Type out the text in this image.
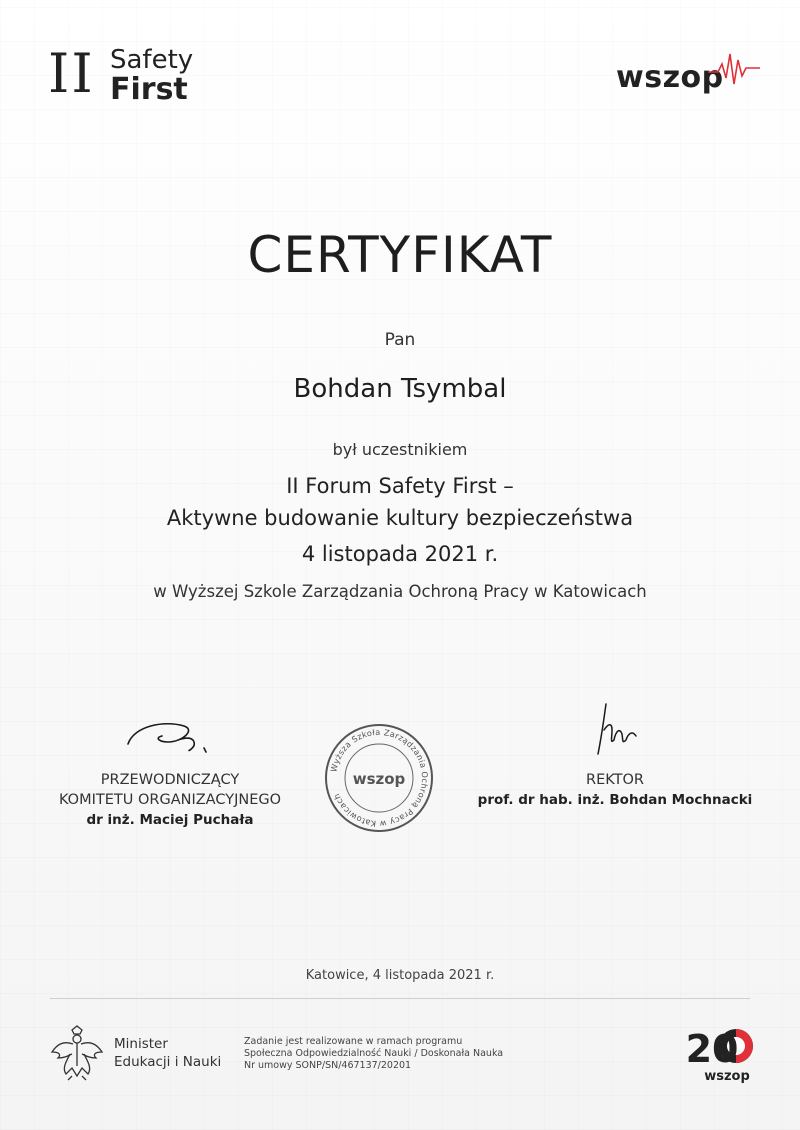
II Safety
First	wszop
CERTYFIKAT
Pan
Bohdan Tsymbal
był uczestnikiem
II Forum Safety First –
Aktywne budowanie kultury bezpieczeństwa
4 listopada 2021 r.
w Wyższej Szkole Zarządzania Ochroną Pracy w Katowicach
PRZEWODNICZĄCY
KOMITETU ORGANIZACYJNEGO
dr inż. Maciej Puchała
Wyższa Szkoła Zarządzania Ochroną Pracy w Katowicach
wszop	REKTOR
prof. dr hab. inż. Bohdan Mochnacki
Katowice, 4 listopada 2021 r.
Minister
Edukacji i Nauki
Zadanie jest realizowane w ramach programu
Społeczna Odpowiedzialność Nauki / Doskonała Nauka
Nr umowy SONP/SN/467137/20201	20
wszop
